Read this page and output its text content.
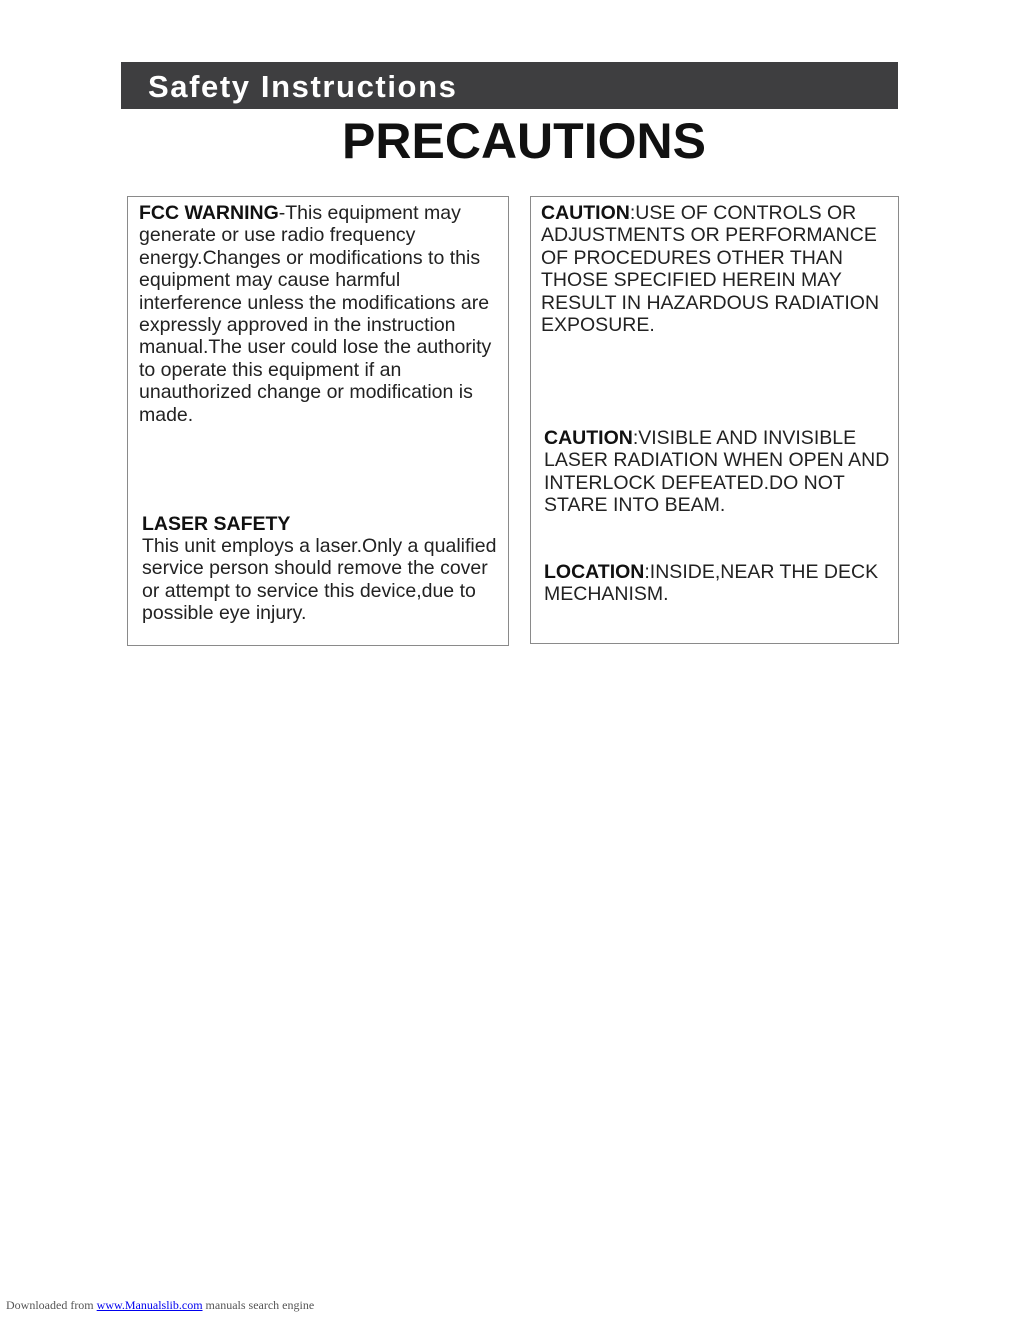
Safety Instructions
PRECAUTIONS

FCC WARNING-This equipment may generate or use radio frequency energy.Changes or modifications to this equipment may cause harmful interference unless the modifications are expressly approved in the instruction manual.The user could lose the authority to operate this equipment if an unauthorized change or modification is made.

LASER SAFETY

This unit employs a laser.Only a qualified service person should remove the cover or attempt to service this device,due to possible eye injury.

CAUTION:USE OF CONTROLS OR ADJUSTMENTS OR PERFORMANCE OF PROCEDURES OTHER THAN THOSE SPECIFIED HEREIN MAY RESULT IN HAZARDOUS RADIATION EXPOSURE.

CAUTION:VISIBLE AND INVISIBLE LASER RADIATION WHEN OPEN AND INTERLOCK DEFEATED.DO NOT STARE INTO BEAM.

LOCATION:INSIDE,NEAR THE DECK MECHANISM.

Downloaded from www.Manualslib.com manuals search engine
